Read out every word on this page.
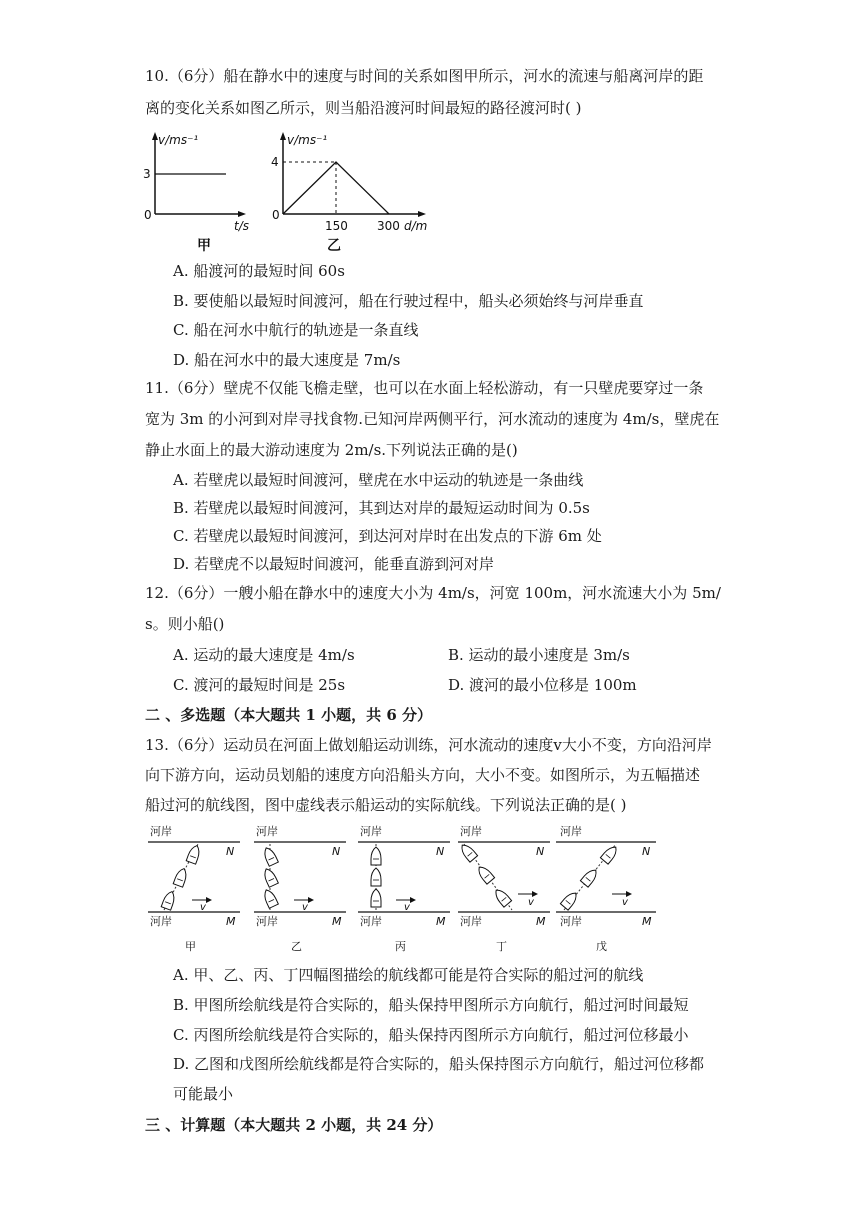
10.（6分）船在静水中的速度与时间的关系如图甲所示，河水的流速与船离河岸的距
离的变化关系如图乙所示，则当船沿渡河时间最短的路径渡河时( )
v/ms⁻¹
3
0
t/s
甲
v/ms⁻¹
4
0
150 300 d/m
乙
A. 船渡河的最短时间 60s
B. 要使船以最短时间渡河，船在行驶过程中，船头必须始终与河岸垂直
C. 船在河水中航行的轨迹是一条直线
D. 船在河水中的最大速度是 7m/s
11.（6分）壁虎不仅能飞檐走壁，也可以在水面上轻松游动，有一只壁虎要穿过一条
宽为 3m 的小河到对岸寻找食物.已知河岸两侧平行，河水流动的速度为 4m/s，壁虎在
静止水面上的最大游动速度为 2m/s.下列说法正确的是()
A. 若壁虎以最短时间渡河，壁虎在水中运动的轨迹是一条曲线
B. 若壁虎以最短时间渡河，其到达对岸的最短运动时间为 0.5s
C. 若壁虎以最短时间渡河，到达河对岸时在出发点的下游 6m 处
D. 若壁虎不以最短时间渡河，能垂直游到河对岸
12.（6分）一艘小船在静水中的速度大小为 4m/s，河宽 100m，河水流速大小为 5m/
s。则小船()
A. 运动的最大速度是 4m/s	B. 运动的最小速度是 3m/s
C. 渡河的最短时间是 25s	D. 渡河的最小位移是 100m
二 、多选题（本大题共 1 小题，共 6 分）
13.（6分）运动员在河面上做划船运动训练，河水流动的速度v大小不变，方向沿河岸
向下游方向，运动员划船的速度方向沿船头方向，大小不变。如图所示，为五幅描述
船过河的航线图，图中虚线表示船运动的实际航线。下列说法正确的是( )
河岸
N
v
河岸	M
甲
河岸
N
v
河岸	M
乙
河岸
N
v
河岸	M
丙
河岸
N
v
河岸	M
丁
河岸
N
v
河岸	M
戊
A. 甲、乙、丙、丁四幅图描绘的航线都可能是符合实际的船过河的航线
B. 甲图所绘航线是符合实际的，船头保持甲图所示方向航行，船过河时间最短
C. 丙图所绘航线是符合实际的，船头保持丙图所示方向航行，船过河位移最小
D. 乙图和戊图所绘航线都是符合实际的，船头保持图示方向航行，船过河位移都
可能最小
三 、计算题（本大题共 2 小题，共 24 分）
